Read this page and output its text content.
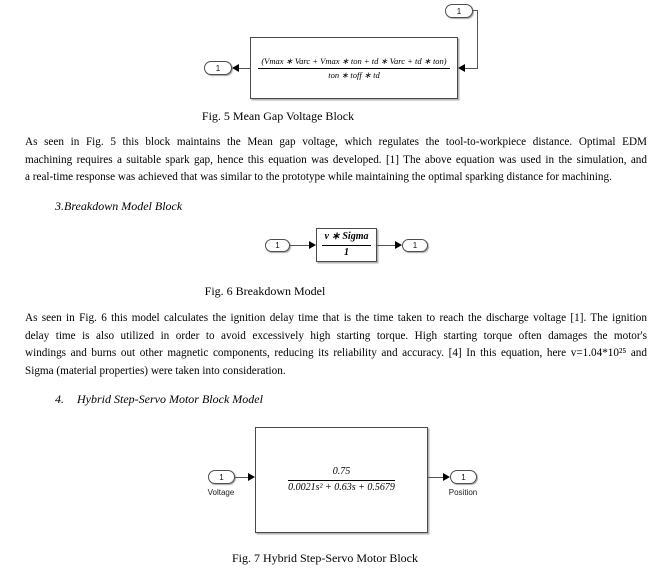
1
$\frac{\text{(Vmax ∗ Varc + Vmax ∗ ton + td ∗ Varc + td ∗ ton)}}{\text{ton ∗ toff ∗ td}}$
1
Fig. 5 Mean Gap Voltage Block
As seen in Fig. 5 this block maintains the Mean gap voltage, which regulates the tool-to-workpiece distance. Optimal EDM
machining requires a suitable spark gap, hence this equation was developed. [1] The above equation was used in the simulation, and
a real-time response was achieved that was similar to the prototype while maintaining the optimal sparking distance for machining.
3.Breakdown Model Block
1	$\frac{\text{v ∗ Sigma}}{1}$	1
Fig. 6 Breakdown Model
As seen in Fig. 6 this model calculates the ignition delay time that is the time taken to reach the discharge voltage [1]. The ignition
delay time is also utilized in order to avoid excessively high starting torque. High starting torque often damages the motor's
windings and burns out other magnetic components, reducing its reliability and accuracy. [4] In this equation, here v=1.04*10²⁵ and
Sigma (material properties) were taken into consideration.
4. Hybrid Step-Servo Motor Block Model
1
Voltage	$\frac{0.75}{\text{0.0021s² + 0.63s + 0.5679}}$	1
Position
Fig. 7 Hybrid Step-Servo Motor Block
